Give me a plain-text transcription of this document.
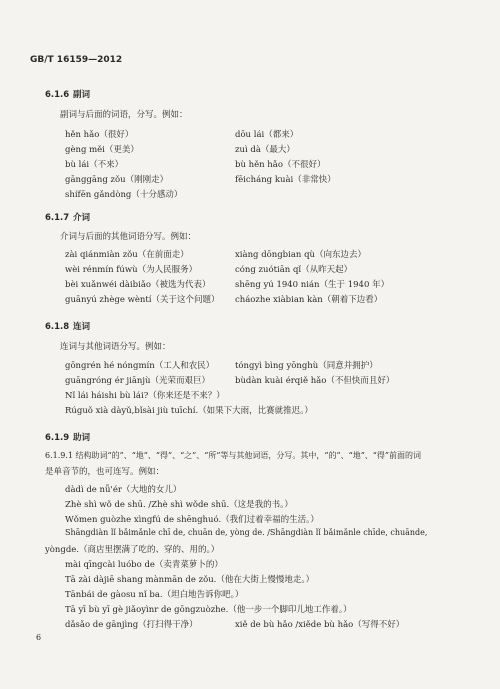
GB/T 16159—2012
6.1.6 副词
副词与后面的词语，分写。例如：
hěn hǎo（很好）	dōu lái（都来）
gèng měi（更美）	zuì dà（最大）
bù lái（不来）	bù hěn hǎo（不很好）
gānggāng zǒu（刚刚走）	fēicháng kuài（非常快）
shífēn gǎndòng（十分感动）
6.1.7 介词
介词与后面的其他词语分写。例如：
zài qiánmiàn zǒu（在前面走）	xiàng dōngbian qù（向东边去）
wèi rénmín fúwù（为人民服务）	cóng zuótiān qǐ（从昨天起）
bèi xuǎnwéi dàibiǎo（被选为代表）	shēng yú 1940 nián（生于 1940 年）
guānyú zhège wèntí（关于这个问题） cháozhe xiàbian kàn（朝着下边看）
6.1.8 连词
连词与其他词语分写。例如：
gōngrén hé nóngmín（工人和农民） tóngyì bìng yōnghù（同意并拥护）
guāngróng ér jiānjù（光荣而艰巨）	bùdàn kuài érqiě hǎo（不但快而且好）
Nǐ lái háishi bù lái?（你来还是不来？）
Rúguǒ xià dàyǔ,bǐsài jiù tuīchí.（如果下大雨，比赛就推迟。）
6.1.9 助词
6.1.9.1 结构助词“的”、“地”、“得”、“之”、“所”等与其他词语，分写。其中，“的”、“地”、“得”前面的词
是单音节的，也可连写。例如：
dàdì de nǚ'ér（大地的女儿）
Zhè shì wǒ de shū. /Zhè shì wǒde shū.（这是我的书。）
Wǒmen guòzhe xìngfú de shēnghuó.（我们过着幸福的生活。）
Shāngdiàn lǐ bǎimǎnle chī de, chuān de, yòng de. /Shāngdiàn lǐ bǎimǎnle chīde, chuānde,
yòngde.（商店里摆满了吃的、穿的、用的。）
mài qīngcài luóbo de（卖青菜萝卜的）
Tā zài dàjiē shang mànmān de zǒu.（他在大街上慢慢地走。）
Tānbái de gàosu nǐ ba.（坦白地告诉你吧。）
Tā yī bù yī gè jiǎoyìnr de gōngzuòzhe.（他一步一个脚印儿地工作着。）
dǎsǎo de gānjìng（打扫得干净）	xiě de bù hǎo /xiěde bù hǎo（写得不好）
6
